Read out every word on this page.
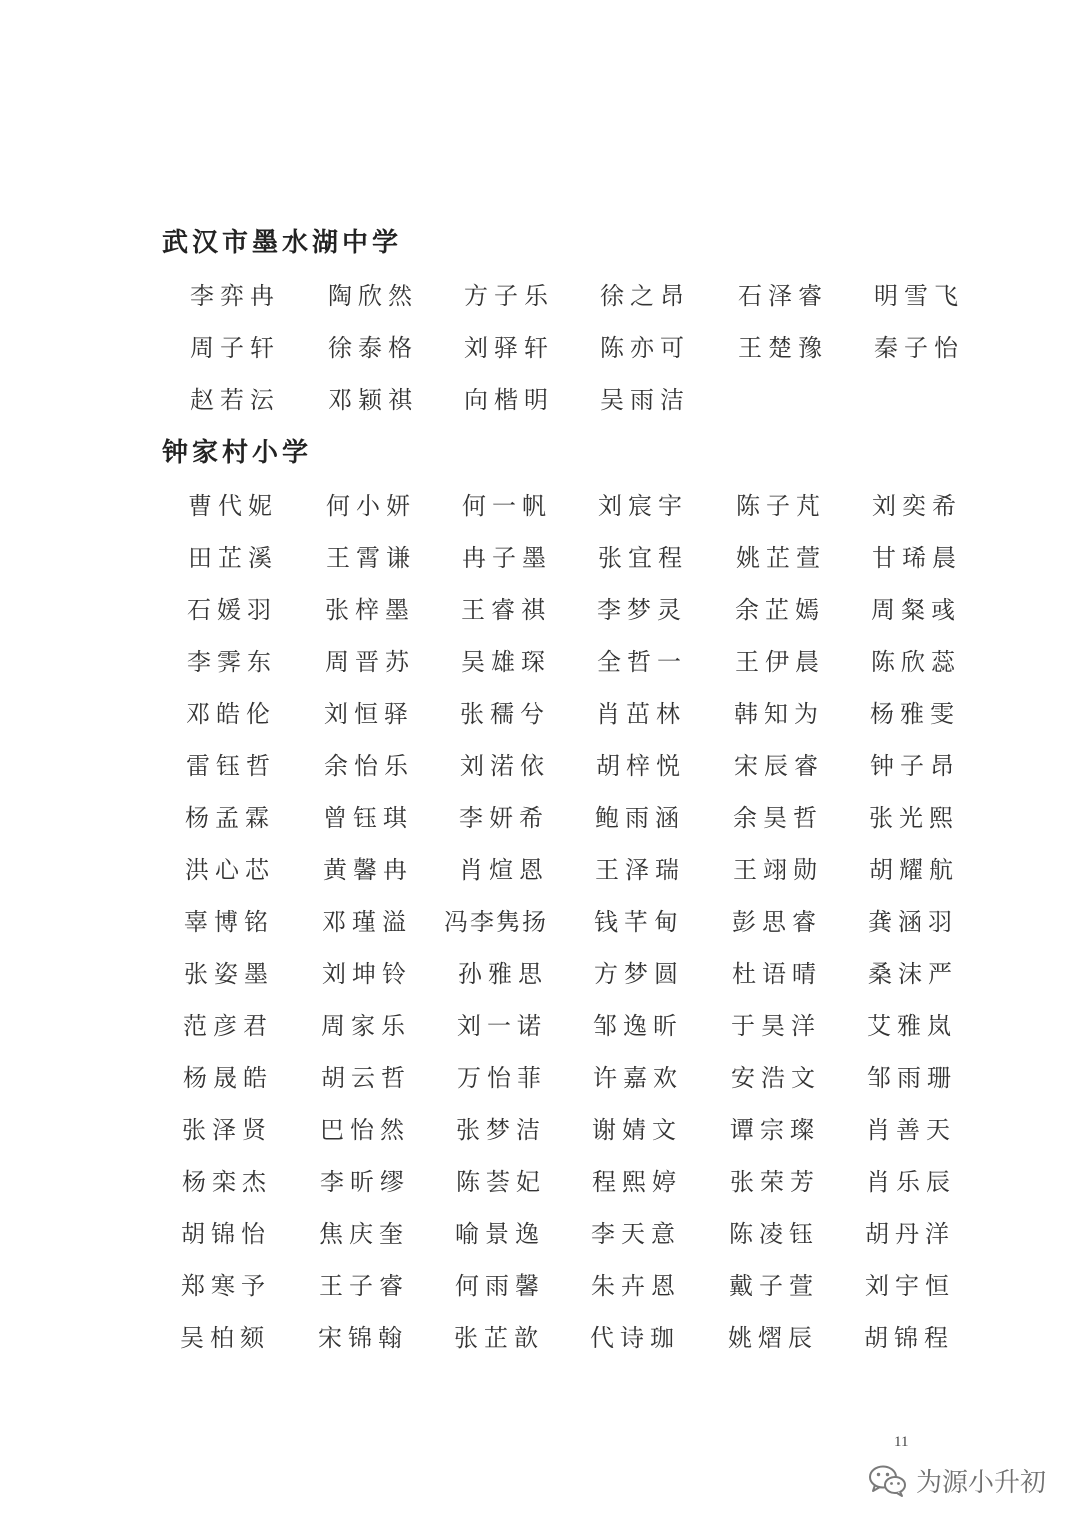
武汉市墨水湖中学
李弈冉 陶欣然 方子乐 徐之昂 石泽睿 明雪飞
周子轩 徐泰格 刘驿轩 陈亦可 王楚豫 秦子怡
赵若沄 邓颖祺 向楷明 吴雨洁
钟家村小学
曹代妮 何小妍 何一帆 刘宸宇 陈子芃 刘奕希
田芷溪 王霄谦 冉子墨 张宜程 姚芷萱 甘琋晨
石媛羽 张梓墨 王睿祺 李梦灵 余芷嫣 周粲彧
李霁东 周晋苏 吴雄琛 全哲一 王伊晨 陈欣蕊
邓皓伦 刘恒驿 张穤兮 肖茁林 韩知为 杨雅雯
雷钰哲 余怡乐 刘渃依 胡梓悦 宋辰睿 钟子昂
杨孟霖 曾钰琪 李妍希 鲍雨涵 余昊哲 张光熙
洪心芯 黄馨冉 肖煊恩 王泽瑞 王翊勋 胡耀航
辜博铭 邓瑾溢 冯李隽扬 钱芊甸 彭思睿 龚涵羽
张姿墨 刘坤铃 孙雅思 方梦圆 杜语晴 桑沫严
范彦君 周家乐 刘一诺 邹逸昕 于昊洋 艾雅岚
杨晟皓 胡云哲 万怡菲 许嘉欢 安浩文 邹雨珊
张泽贤 巴怡然 张梦洁 谢婧文 谭宗璨 肖善天
杨栾杰 李昕缪 陈荟妃 程熙婷 张荣芳 肖乐辰
胡锦怡 焦庆奎 喻景逸 李天意 陈凌钰 胡丹洋
郑寒予 王子睿 何雨馨 朱卉恩 戴子萱 刘宇恒
吴柏颏 宋锦翰 张芷歆 代诗珈 姚熠辰 胡锦程
11
为源小升初
